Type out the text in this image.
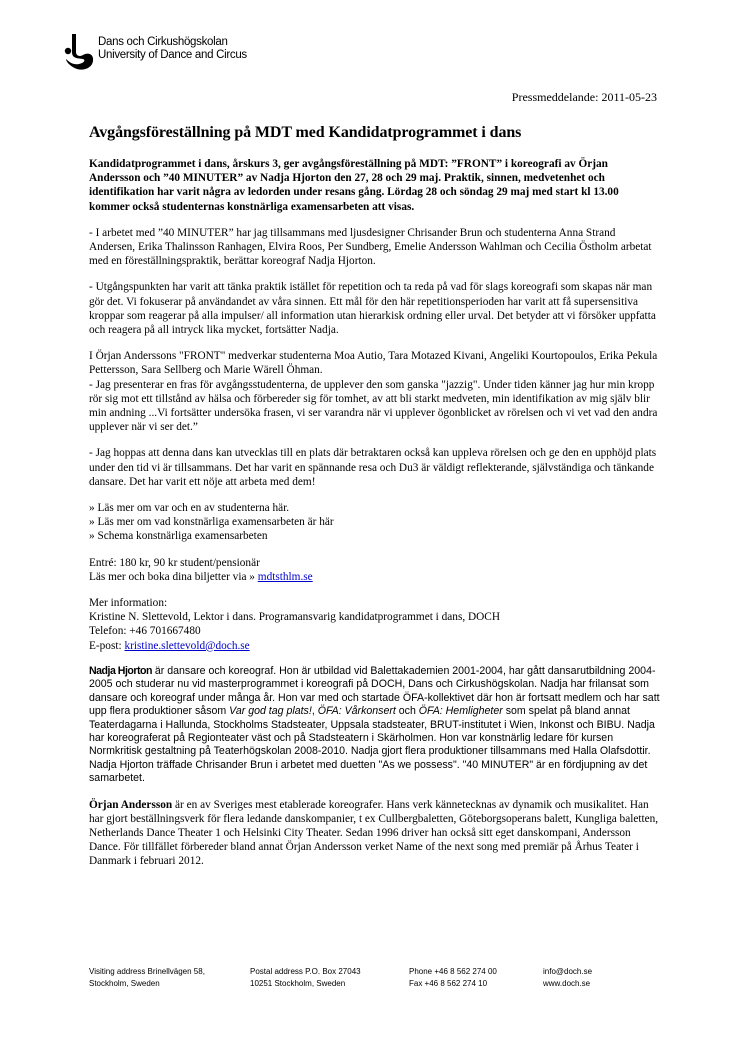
Dans och Cirkushögskolan
University of Dance and Circus
Pressmeddelande: 2011-05-23
Avgångsföreställning på MDT med Kandidatprogrammet i dans

Kandidatprogrammet i dans, årskurs 3, ger avgångsföreställning på MDT: ”FRONT” i koreografi av Örjan Andersson och ”40 MINUTER” av Nadja Hjorton den 27, 28 och 29 maj. Praktik, sinnen, medvetenhet och identifikation har varit några av ledorden under resans gång. Lördag 28 och söndag 29 maj med start kl 13.00 kommer också studenternas konstnärliga examensarbeten att visas.

- I arbetet med ”40 MINUTER” har jag tillsammans med ljusdesigner Chrisander Brun och studenterna Anna Strand Andersen, Erika Thalinsson Ranhagen, Elvira Roos, Per Sundberg, Emelie Andersson Wahlman och Cecilia Östholm arbetat med en föreställningspraktik, berättar koreograf Nadja Hjorton.

- Utgångspunkten har varit att tänka praktik istället för repetition och ta reda på vad för slags koreografi som skapas när man gör det. Vi fokuserar på användandet av våra sinnen. Ett mål för den här repetitionsperioden har varit att få supersensitiva kroppar som reagerar på alla impulser/ all information utan hierarkisk ordning eller urval. Det betyder att vi försöker uppfatta och reagera på all intryck lika mycket, fortsätter Nadja.

I Örjan Anderssons "FRONT" medverkar studenterna Moa Autio, Tara Motazed Kivani, Angeliki Kourtopoulos, Erika Pekula Pettersson, Sara Sellberg och Marie Wärell Öhman.

- Jag presenterar en fras för avgångsstudenterna, de upplever den som ganska "jazzig". Under tiden känner jag hur min kropp rör sig mot ett tillstånd av hälsa och förbereder sig för tomhet, av att bli starkt medveten, min identifikation av mig själv blir min andning ...Vi fortsätter undersöka frasen, vi ser varandra när vi upplever ögonblicket av rörelsen och vi vet vad den andra upplever när vi ser det.”

- Jag hoppas att denna dans kan utvecklas till en plats där betraktaren också kan uppleva rörelsen och ge den en upphöjd plats under den tid vi är tillsammans. Det har varit en spännande resa och Du3 är väldigt reflekterande, självständiga och tänkande dansare. Det har varit ett nöje att arbeta med dem!

» Läs mer om var och en av studenterna här.
» Läs mer om vad konstnärliga examensarbeten är här
» Schema konstnärliga examensarbeten

Entré: 180 kr, 90 kr student/pensionär
Läs mer och boka dina biljetter via » mdtsthlm.se

Mer information:
Kristine N. Slettevold, Lektor i dans. Programansvarig kandidatprogrammet i dans, DOCH
Telefon: +46 701667480
E-post: kristine.slettevold@doch.se

Nadja Hjorton är dansare och koreograf. Hon är utbildad vid Balettakademien 2001-2004, har gått dansarutbildning 2004-2005 och studerar nu vid masterprogrammet i koreografi på DOCH, Dans och Cirkushögskolan. Nadja har frilansat som dansare och koreograf under många år. Hon var med och startade ÖFA-kollektivet där hon är fortsatt medlem och har satt upp flera produktioner såsom Var god tag plats!, ÖFA: Vårkonsert och ÖFA: Hemligheter som spelat på bland annat Teaterdagarna i Hallunda, Stockholms Stadsteater, Uppsala stadsteater, BRUT-institutet i Wien, Inkonst och BIBU. Nadja har koreograferat på Regionteater väst och på Stadsteatern i Skärholmen. Hon var konstnärlig ledare för kursen Normkritisk gestaltning på Teaterhögskolan 2008-2010. Nadja gjort flera produktioner tillsammans med Halla Olafsdottir. Nadja Hjorton träffade Chrisander Brun i arbetet med duetten "As we possess". "40 MINUTER" är en fördjupning av det samarbetet.

Örjan Andersson är en av Sveriges mest etablerade koreografer. Hans verk kännetecknas av dynamik och musikalitet. Han har gjort beställningsverk för flera ledande danskompanier, t ex Cullbergbaletten, Göteborgsoperans balett, Kungliga baletten, Netherlands Dance Theater 1 och Helsinki City Theater. Sedan 1996 driver han också sitt eget danskompani, Andersson Dance. För tillfället förbereder bland annat Örjan Andersson verket Name of the next song med premiär på Århus Teater i Danmark i februari 2012.

Visiting address Brinellvägen 58,
Stockholm, Sweden
Postal address P.O. Box 27043
10251 Stockholm, Sweden
Phone +46 8 562 274 00
Fax +46 8 562 274 10
info@doch.se
www.doch.se
